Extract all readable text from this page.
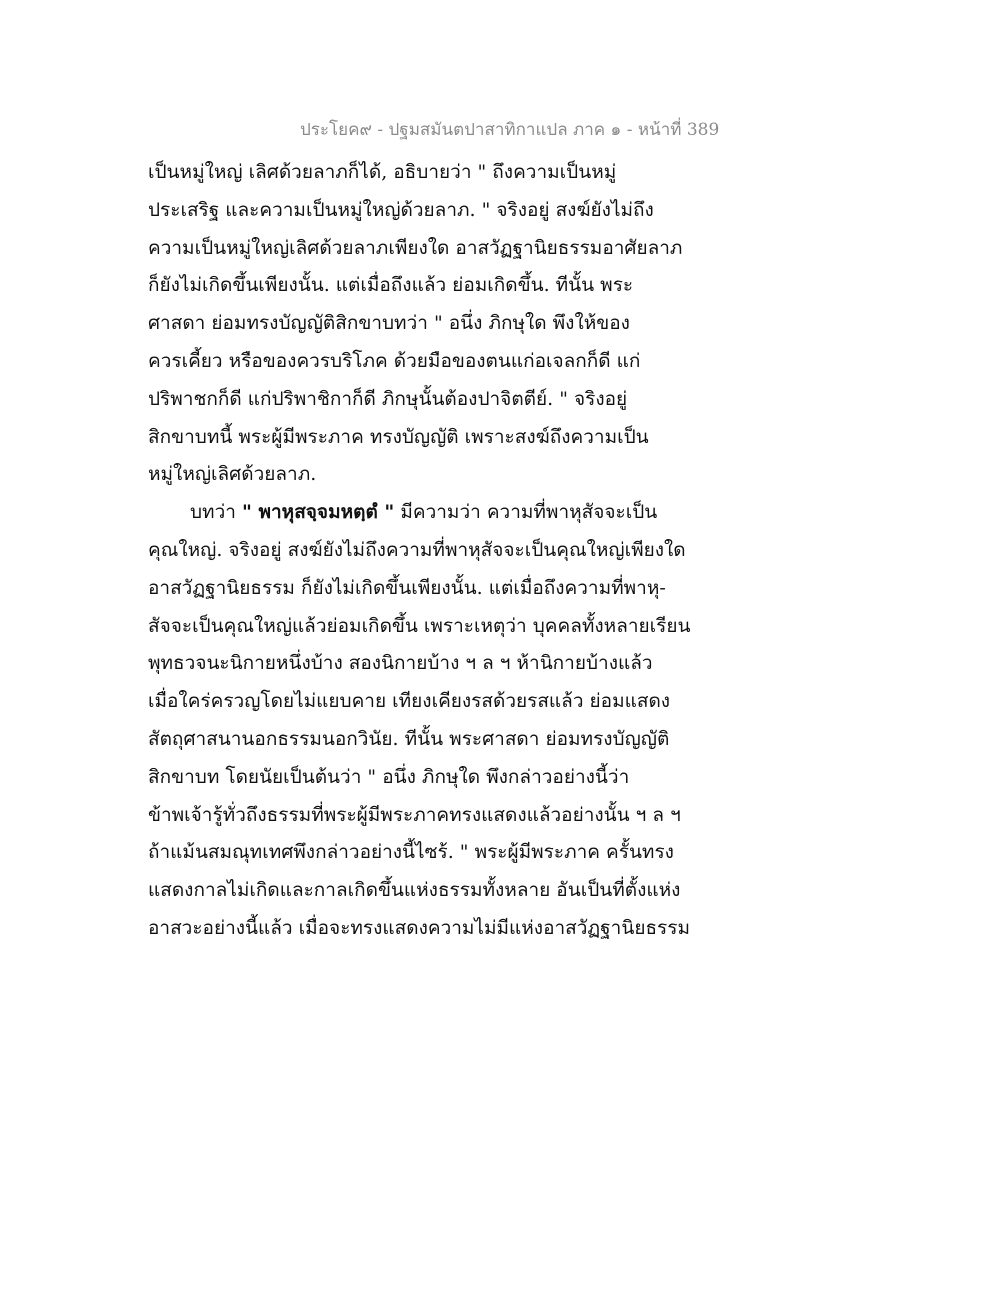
ประโยค๙ - ปฐมสมันตปาสาทิกาแปล ภาค ๑ - หน้าที่ 389
เป็นหมู่ใหญ่ เลิศด้วยลาภก็ได้, อธิบายว่า " ถึงความเป็นหมู่
ประเสริฐ และความเป็นหมู่ใหญ่ด้วยลาภ. " จริงอยู่ สงฆ์ยังไม่ถึง
ความเป็นหมู่ใหญ่เลิศด้วยลาภเพียงใด อาสวัฏฐานิยธรรมอาศัยลาภ
ก็ยังไม่เกิดขึ้นเพียงนั้น. แต่เมื่อถึงแล้ว ย่อมเกิดขึ้น. ทีนั้น พระ
ศาสดา ย่อมทรงบัญญัติสิกขาบทว่า " อนึ่ง ภิกษุใด พึงให้ของ
ควรเคี้ยว หรือของควรบริโภค ด้วยมือของตนแก่อเจลกก็ดี แก่
ปริพาชกก็ดี แก่ปริพาชิกาก็ดี ภิกษุนั้นต้องปาจิตตีย์. " จริงอยู่
สิกขาบทนี้ พระผู้มีพระภาค ทรงบัญญัติ เพราะสงฆ์ถึงความเป็น
หมู่ใหญ่เลิศด้วยลาภ.
บทว่า " พาหุสจฺจมหตฺตํ " มีความว่า ความที่พาหุสัจจะเป็น
คุณใหญ่. จริงอยู่ สงฆ์ยังไม่ถึงความที่พาหุสัจจะเป็นคุณใหญ่เพียงใด
อาสวัฏฐานิยธรรม ก็ยังไม่เกิดขึ้นเพียงนั้น. แต่เมื่อถึงความที่พาหุ-
สัจจะเป็นคุณใหญ่แล้วย่อมเกิดขึ้น เพราะเหตุว่า บุคคลทั้งหลายเรียน
พุทธวจนะนิกายหนึ่งบ้าง สองนิกายบ้าง ฯ ล ฯ ห้านิกายบ้างแล้ว
เมื่อใคร่ครวญโดยไม่แยบคาย เทียงเคียงรสด้วยรสแล้ว ย่อมแสดง
สัตถุศาสนานอกธรรมนอกวินัย. ทีนั้น พระศาสดา ย่อมทรงบัญญัติ
สิกขาบท โดยนัยเป็นต้นว่า " อนึ่ง ภิกษุใด พึงกล่าวอย่างนี้ว่า
ข้าพเจ้ารู้ทั่วถึงธรรมที่พระผู้มีพระภาคทรงแสดงแล้วอย่างนั้น ฯ ล ฯ
ถ้าแม้นสมณุทเทศพึงกล่าวอย่างนี้ไซร้. " พระผู้มีพระภาค ครั้นทรง
แสดงกาลไม่เกิดและกาลเกิดขึ้นแห่งธรรมทั้งหลาย อันเป็นที่ตั้งแห่ง
อาสวะอย่างนี้แล้ว เมื่อจะทรงแสดงความไม่มีแห่งอาสวัฏฐานิยธรรม
